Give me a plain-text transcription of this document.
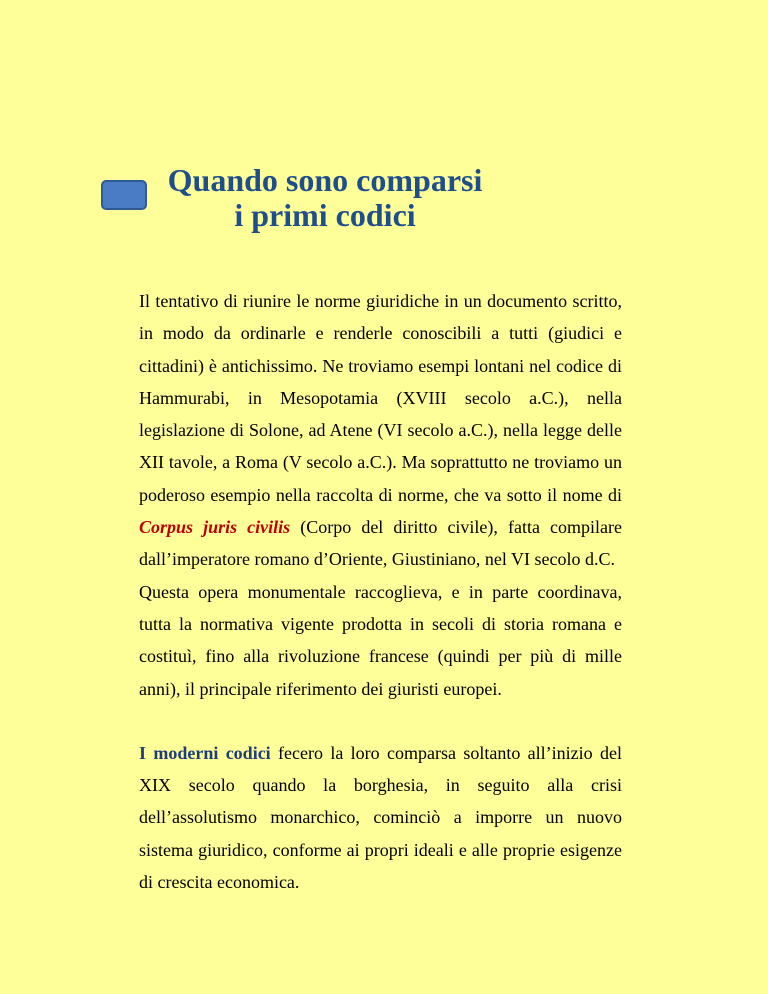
Quando sono comparsi
i primi codici

Il tentativo di riunire le norme giuridiche in un documento scritto, in modo da ordinarle e renderle conoscibili a tutti (giudici e cittadini) è antichissimo. Ne troviamo esempi lontani nel codice di Hammurabi, in Mesopotamia (XVIII secolo a.C.), nella legislazione di Solone, ad Atene (VI secolo a.C.), nella legge delle XII tavole, a Roma (V secolo a.C.). Ma soprattutto ne troviamo un poderoso esempio nella raccolta di norme, che va sotto il nome di Corpus juris civilis (Corpo del diritto civile), fatta compilare dall’imperatore romano d’Oriente, Giustiniano, nel VI secolo d.C.

Questa opera monumentale raccoglieva, e in parte coordinava, tutta la normativa vigente prodotta in secoli di storia romana e costituì, fino alla rivoluzione francese (quindi per più di mille anni), il principale riferimento dei giuristi europei.

I moderni codici fecero la loro comparsa soltanto all’inizio del XIX secolo quando la borghesia, in seguito alla crisi dell’assolutismo monarchico, cominciò a imporre un nuovo sistema giuridico, conforme ai propri ideali e alle proprie esigenze di crescita economica.
